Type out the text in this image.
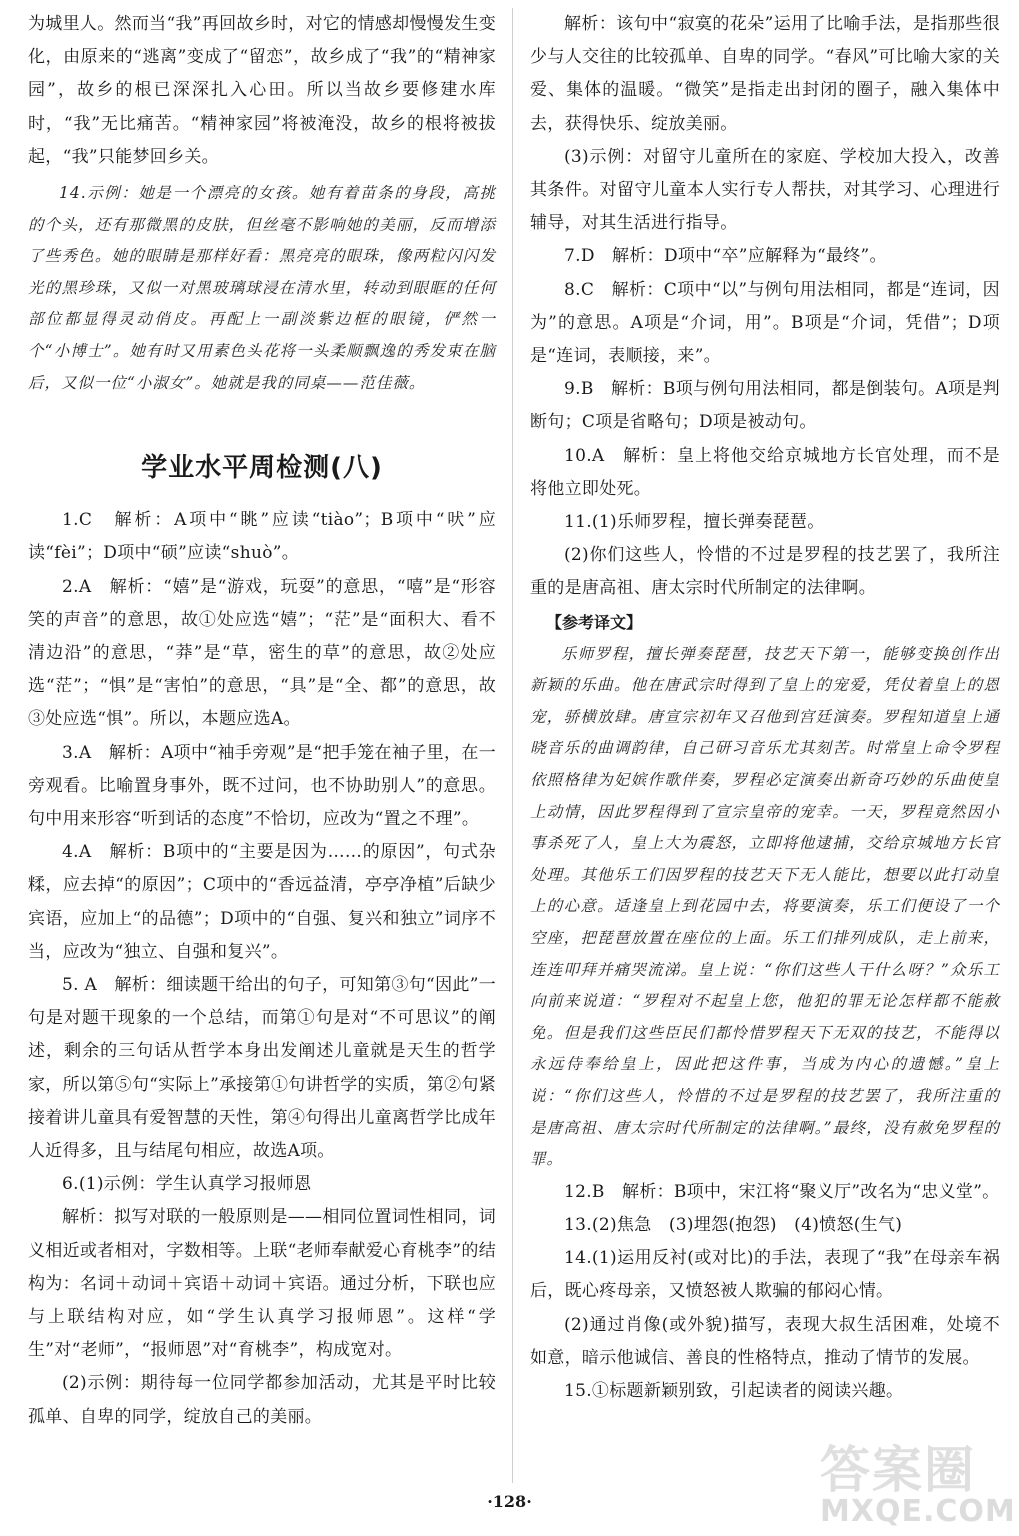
为城里人。然而当“我”再回故乡时，对它的情感却慢慢发生变化，由原来的“逃离”变成了“留恋”，故乡成了“我”的“精神家园”，故乡的根已深深扎入心田。所以当故乡要修建水库时，“我”无比痛苦。“精神家园”将被淹没，故乡的根将被拔起，“我”只能梦回乡关。

14.示例：她是一个漂亮的女孩。她有着苗条的身段，高挑的个头，还有那微黑的皮肤，但丝毫不影响她的美丽，反而增添了些秀色。她的眼睛是那样好看：黑亮亮的眼珠，像两粒闪闪发光的黑珍珠，又似一对黑玻璃球浸在清水里，转动到眼眶的任何部位都显得灵动俏皮。再配上一副淡紫边框的眼镜，俨然一个“小博士”。她有时又用素色头花将一头柔顺飘逸的秀发束在脑后，又似一位“小淑女”。她就是我的同桌——范佳薇。

学业水平周检测(八)

1.C　解析：A项中“眺”应读“tiào”；B项中“吠”应读“fèi”；D项中“硕”应读“shuò”。

2.A　解析：“嬉”是“游戏，玩耍”的意思，“嘻”是“形容笑的声音”的意思，故①处应选“嬉”；“茫”是“面积大、看不清边沿”的意思，“莽”是“草，密生的草”的意思，故②处应选“茫”；“惧”是“害怕”的意思，“具”是“全、都”的意思，故③处应选“惧”。所以，本题应选A。

3.A　解析：A项中“袖手旁观”是“把手笼在袖子里，在一旁观看。比喻置身事外，既不过问，也不协助别人”的意思。句中用来形容“听到话的态度”不恰切，应改为“置之不理”。

4.A　解析：B项中的“主要是因为……的原因”，句式杂糅，应去掉“的原因”；C项中的“香远益清，亭亭净植”后缺少宾语，应加上“的品德”；D项中的“自强、复兴和独立”词序不当，应改为“独立、自强和复兴”。

5. A　解析：细读题干给出的句子，可知第③句“因此”一句是对题干现象的一个总结，而第①句是对“不可思议”的阐述，剩余的三句话从哲学本身出发阐述儿童就是天生的哲学家，所以第⑤句“实际上”承接第①句讲哲学的实质，第②句紧接着讲儿童具有爱智慧的天性，第④句得出儿童离哲学比成年人近得多，且与结尾句相应，故选A项。

6.(1)示例：学生认真学习报师恩

解析：拟写对联的一般原则是——相同位置词性相同，词义相近或者相对，字数相等。上联“老师奉献爱心育桃李”的结构为：名词＋动词＋宾语＋动词＋宾语。通过分析，下联也应与上联结构对应，如“学生认真学习报师恩”。这样“学生”对“老师”，“报师恩”对“育桃李”，构成宽对。

(2)示例：期待每一位同学都参加活动，尤其是平时比较孤单、自卑的同学，绽放自己的美丽。

解析：该句中“寂寞的花朵”运用了比喻手法，是指那些很少与人交往的比较孤单、自卑的同学。“春风”可比喻大家的关爱、集体的温暖。“微笑”是指走出封闭的圈子，融入集体中去，获得快乐、绽放美丽。

(3)示例：对留守儿童所在的家庭、学校加大投入，改善其条件。对留守儿童本人实行专人帮扶，对其学习、心理进行辅导，对其生活进行指导。

7.D　解析：D项中“卒”应解释为“最终”。

8.C　解析：C项中“以”与例句用法相同，都是“连词，因为”的意思。A项是“介词，用”。B项是“介词，凭借”；D项是“连词，表顺接，来”。

9.B　解析：B项与例句用法相同，都是倒装句。A项是判断句；C项是省略句；D项是被动句。

10.A　解析：皇上将他交给京城地方长官处理，而不是将他立即处死。

11.(1)乐师罗程，擅长弹奏琵琶。

(2)你们这些人，怜惜的不过是罗程的技艺罢了，我所注重的是唐高祖、唐太宗时代所制定的法律啊。

【参考译文】

乐师罗程，擅长弹奏琵琶，技艺天下第一，能够变换创作出新颖的乐曲。他在唐武宗时得到了皇上的宠爱，凭仗着皇上的恩宠，骄横放肆。唐宣宗初年又召他到宫廷演奏。罗程知道皇上通晓音乐的曲调韵律，自己研习音乐尤其刻苦。时常皇上命令罗程依照格律为妃嫔作歌伴奏，罗程必定演奏出新奇巧妙的乐曲使皇上动情，因此罗程得到了宣宗皇帝的宠幸。一天，罗程竟然因小事杀死了人，皇上大为震怒，立即将他逮捕，交给京城地方长官处理。其他乐工们因罗程的技艺天下无人能比，想要以此打动皇上的心意。适逢皇上到花园中去，将要演奏，乐工们便设了一个空座，把琵琶放置在座位的上面。乐工们排列成队，走上前来，连连叩拜并痛哭流涕。皇上说：“你们这些人干什么呀？”众乐工向前来说道：“罗程对不起皇上您，他犯的罪无论怎样都不能赦免。但是我们这些臣民们都怜惜罗程天下无双的技艺，不能得以永远侍奉给皇上，因此把这件事，当成为内心的遗憾。”皇上说：“你们这些人，怜惜的不过是罗程的技艺罢了，我所注重的是唐高祖、唐太宗时代所制定的法律啊。”最终，没有赦免罗程的罪。

12.B　解析：B项中，宋江将“聚义厅”改名为“忠义堂”。

13.(2)焦急　(3)埋怨(抱怨)　(4)愤怒(生气)

14.(1)运用反衬(或对比)的手法，表现了“我”在母亲车祸后，既心疼母亲，又愤怒被人欺骗的郁闷心情。

(2)通过肖像(或外貌)描写，表现大叔生活困难，处境不如意，暗示他诚信、善良的性格特点，推动了情节的发展。

15.①标题新颖别致，引起读者的阅读兴趣。

·128·
答案圈
MXQE.COM
